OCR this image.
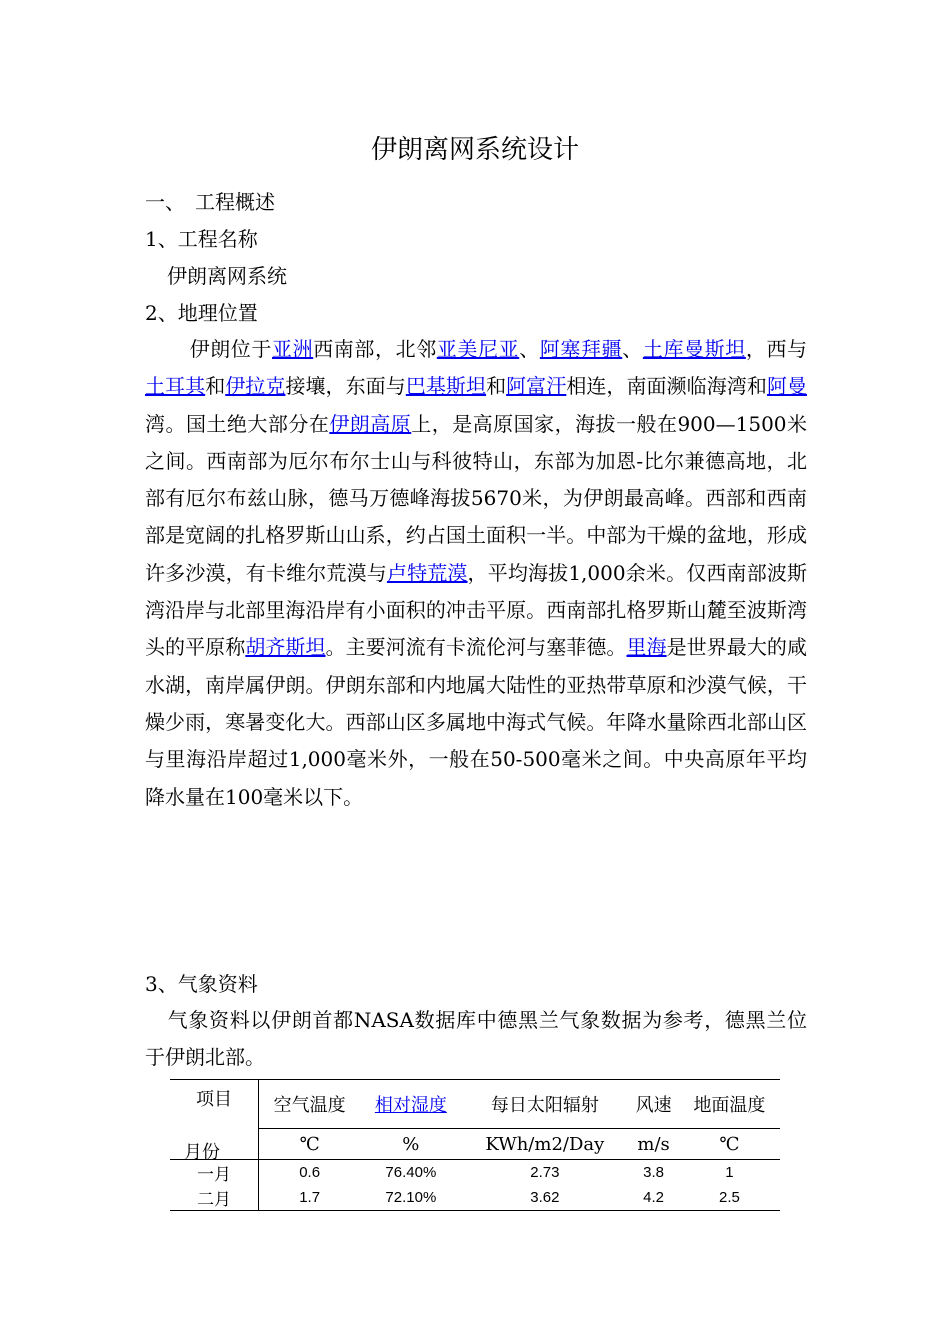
伊朗离网系统设计
一、　工程概述
1、工程名称
伊朗离网系统
2、地理位置
伊朗位于亚洲西南部，北邻亚美尼亚、阿塞拜疆、土库曼斯坦，西与土耳其和伊拉克接壤，东面与巴基斯坦和阿富汗相连，南面濒临海湾和阿曼湾。国土绝大部分在伊朗高原上，是高原国家，海拔一般在900—1500米之间。西南部为厄尔布尔士山与科彼特山，东部为加恩-比尔兼德高地，北部有厄尔布兹山脉，德马万德峰海拔5670米，为伊朗最高峰。西部和西南部是宽阔的扎格罗斯山山系，约占国土面积一半。中部为干燥的盆地，形成许多沙漠，有卡维尔荒漠与卢特荒漠，平均海拔1,000余米。仅西南部波斯湾沿岸与北部里海沿岸有小面积的冲击平原。西南部扎格罗斯山麓至波斯湾头的平原称胡齐斯坦。主要河流有卡流伦河与塞菲德。里海是世界最大的咸水湖，南岸属伊朗。伊朗东部和内地属大陆性的亚热带草原和沙漠气候，干燥少雨，寒暑变化大。西部山区多属地中海式气候。年降水量除西北部山区与里海沿岸超过1,000毫米外，一般在50-500毫米之间。中央高原年平均降水量在100毫米以下。
3、气象资料
气象资料以伊朗首都NASA数据库中德黑兰气象数据为参考，德黑兰位于伊朗北部。
项目
月份	空气温度	相对湿度	每日太阳辐射	风速	地面温度
	℃	%	KWh/m2/Day	m/s	℃
一月	0.6	76.40%	2.73	3.8	1
二月	1.7	72.10%	3.62	4.2	2.5
